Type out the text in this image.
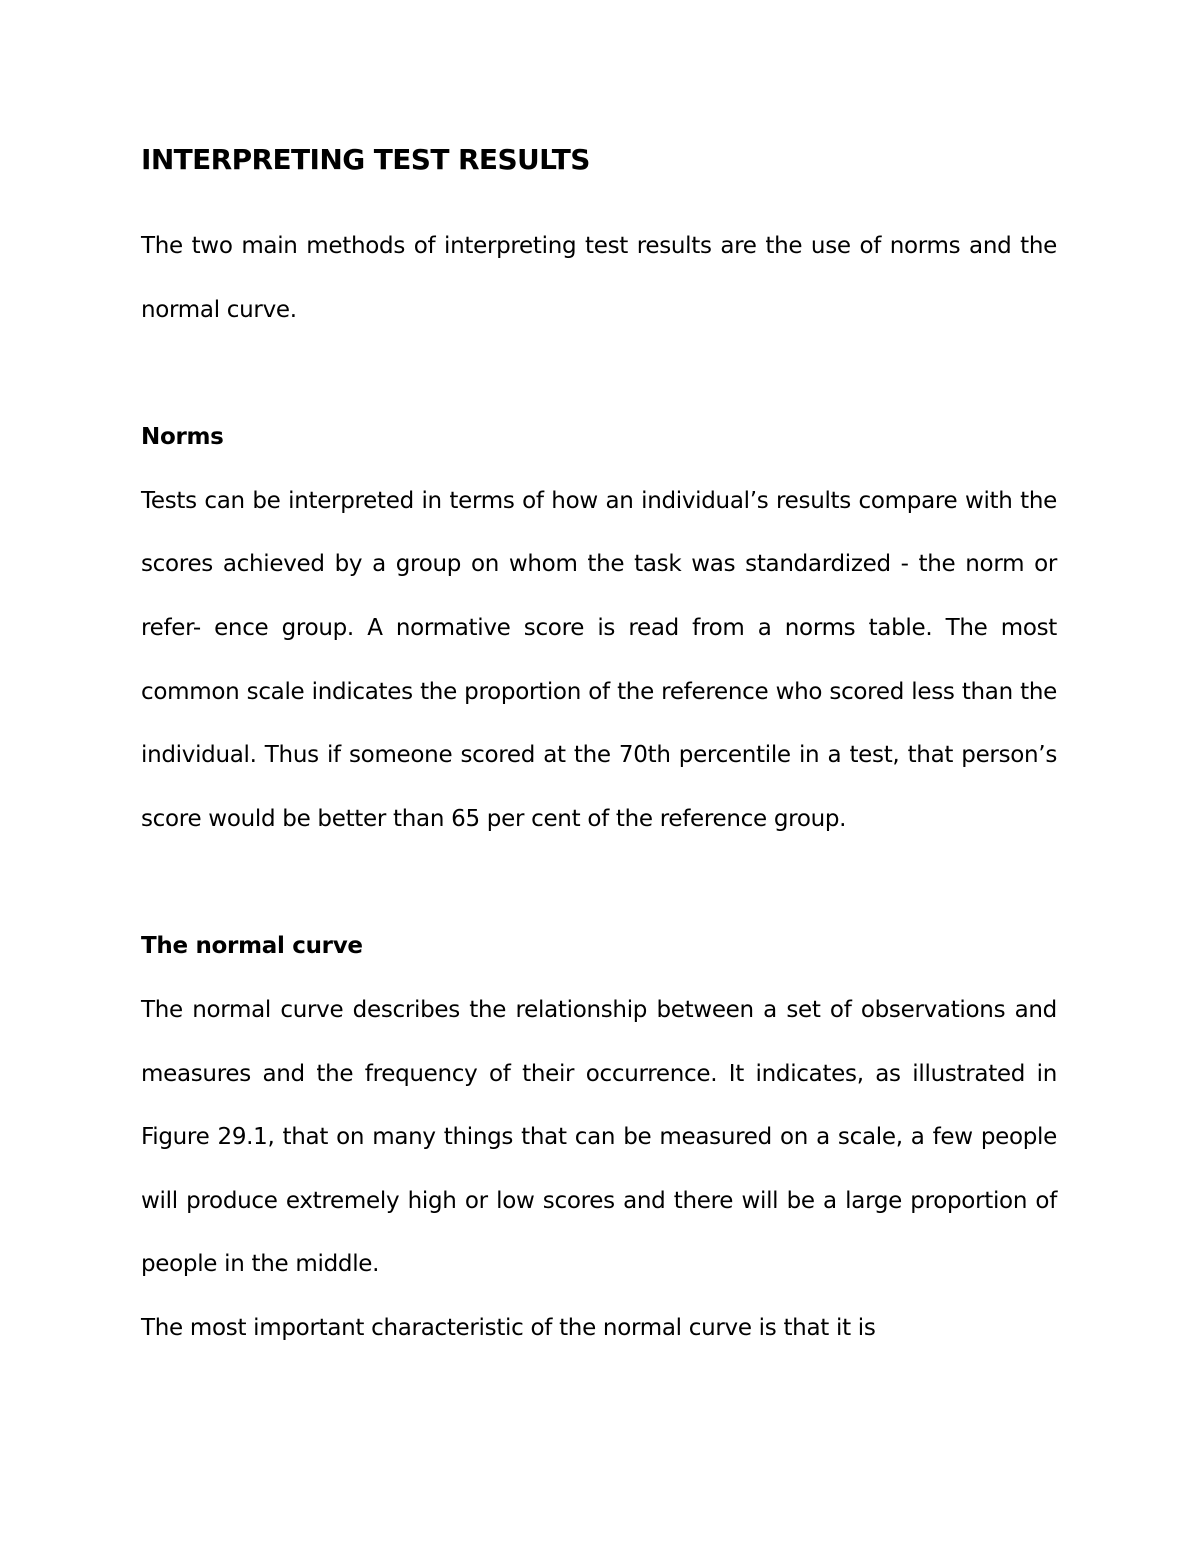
INTERPRETING TEST RESULTS

The two main methods of interpreting test results are the use of norms and the normal curve.

Norms

Tests can be interpreted in terms of how an individual’s results compare with the scores achieved by a group on whom the task was standardized - the norm or refer- ence group. A normative score is read from a norms table. The most common scale indicates the proportion of the reference who scored less than the individual. Thus if someone scored at the 70th percentile in a test, that person’s score would be better than 65 per cent of the reference group.

The normal curve

The normal curve describes the relationship between a set of observations and measures and the frequency of their occurrence. It indicates, as illustrated in Figure 29.1, that on many things that can be measured on a scale, a few people will produce extremely high or low scores and there will be a large proportion of people in the middle.

The most important characteristic of the normal curve is that it is
